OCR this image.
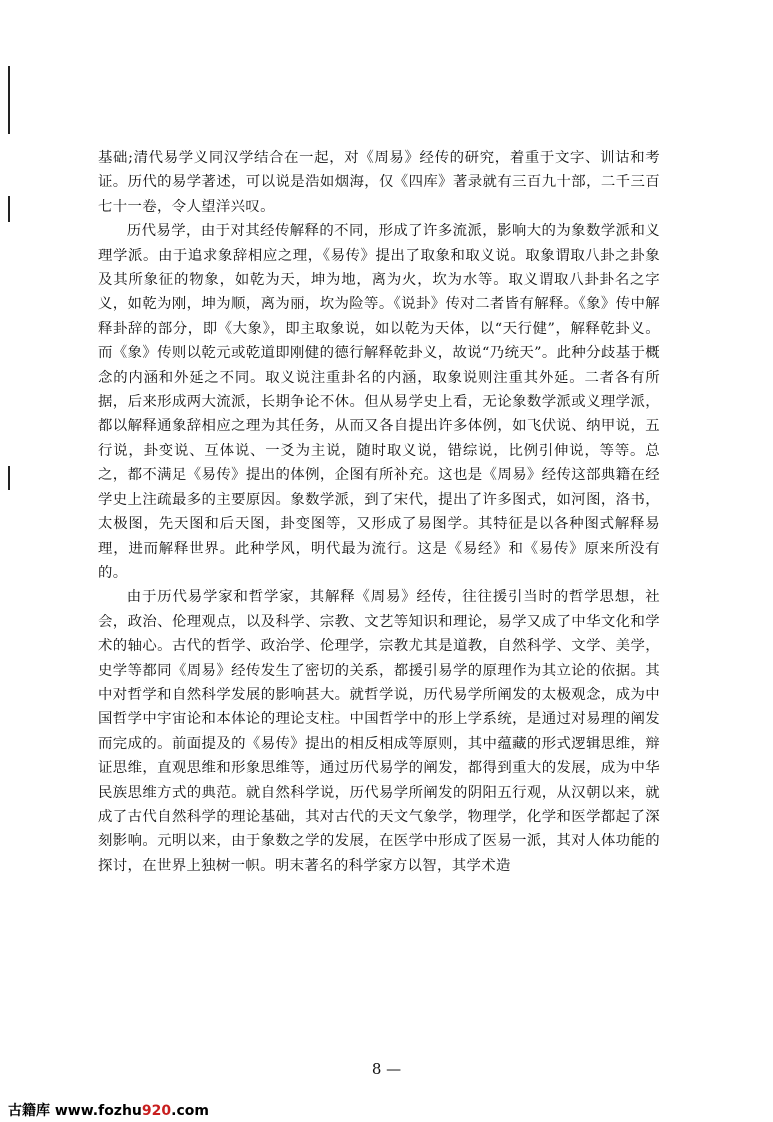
基础;清代易学义同汉学结合在一起，对《周易》经传的研究，着重于文字、训诂和考证。历代的易学著述，可以说是浩如烟海，仅《四库》著录就有三百九十部，二千三百七十一卷，令人望洋兴叹。

历代易学，由于对其经传解释的不同，形成了许多流派，影响大的为象数学派和义理学派。由于追求象辞相应之理，《易传》提出了取象和取义说。取象谓取八卦之卦象及其所象征的物象，如乾为天，坤为地，离为火，坎为水等。取义谓取八卦卦名之字义，如乾为刚，坤为顺，离为丽，坎为险等。《说卦》传对二者皆有解释。《象》传中解释卦辞的部分，即《大象》，即主取象说，如以乾为天体，以“天行健”，解释乾卦义。而《象》传则以乾元或乾道即刚健的德行解释乾卦义，故说“乃统天”。此种分歧基于概念的内涵和外延之不同。取义说注重卦名的内涵，取象说则注重其外延。二者各有所据，后来形成两大流派，长期争论不休。但从易学史上看，无论象数学派或义理学派，都以解释通象辞相应之理为其任务，从而又各自提出许多体例，如飞伏说、纳甲说，五行说，卦变说、互体说、一爻为主说，随时取义说，错综说，比例引伸说，等等。总之，都不满足《易传》提出的体例，企图有所补充。这也是《周易》经传这部典籍在经学史上注疏最多的主要原因。象数学派，到了宋代，提出了许多图式，如河图，洛书，太极图，先天图和后天图，卦变图等，又形成了易图学。其特征是以各种图式解释易理，进而解释世界。此种学风，明代最为流行。这是《易经》和《易传》原来所没有的。

由于历代易学家和哲学家，其解释《周易》经传，往往援引当时的哲学思想，社会，政治、伦理观点，以及科学、宗教、文艺等知识和理论，易学又成了中华文化和学术的轴心。古代的哲学、政治学、伦理学，宗教尤其是道教，自然科学、文学、美学，史学等都同《周易》经传发生了密切的关系，都援引易学的原理作为其立论的依据。其中对哲学和自然科学发展的影响甚大。就哲学说，历代易学所阐发的太极观念，成为中国哲学中宇宙论和本体论的理论支柱。中国哲学中的形上学系统，是通过对易理的阐发而完成的。前面提及的《易传》提出的相反相成等原则，其中蕴藏的形式逻辑思维，辩证思维，直观思维和形象思维等，通过历代易学的阐发，都得到重大的发展，成为中华民族思维方式的典范。就自然科学说，历代易学所阐发的阴阳五行观，从汉朝以来，就成了古代自然科学的理论基础，其对古代的天文气象学，物理学，化学和医学都起了深刻影响。元明以来，由于象数之学的发展，在医学中形成了医易一派，其对人体功能的探讨，在世界上独树一帜。明末著名的科学家方以智，其学术造

8 —
古籍库 www.fozhu920.com
